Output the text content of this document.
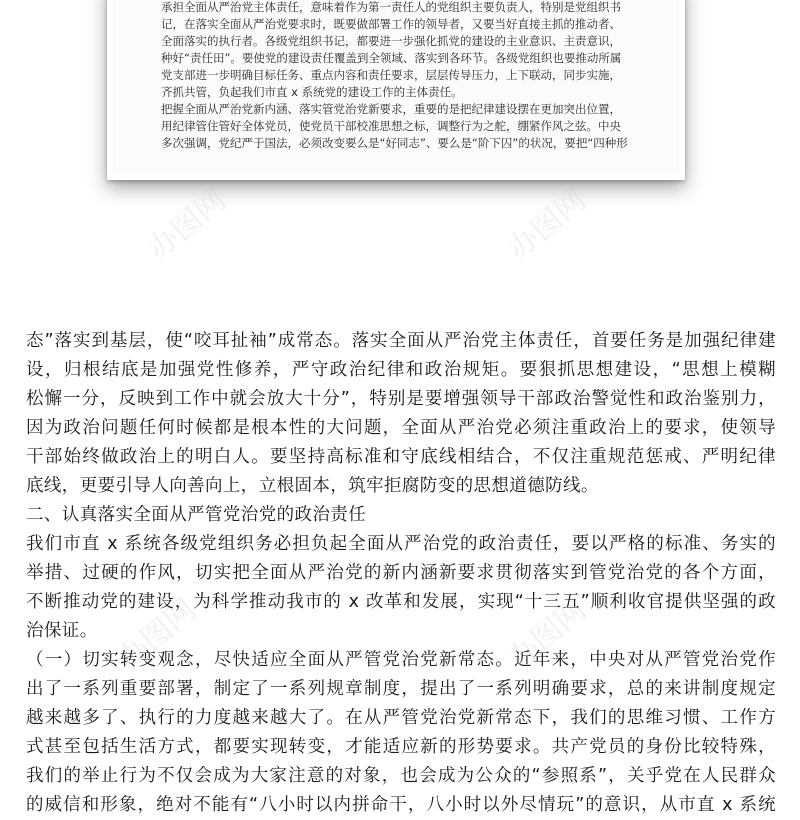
承担全面从严治党主体责任，意味着作为第一责任人的党组织主要负责人，特别是党组织书
记，在落实全面从严治党要求时，既要做部署工作的领导者，又要当好直接主抓的推动者、
全面落实的执行者。各级党组织书记，都要进一步强化抓党的建设的主业意识、主责意识，
种好“责任田”。要使党的建设责任覆盖到全领域、落实到各环节。各级党组织也要推动所属
党支部进一步明确目标任务、重点内容和责任要求，层层传导压力，上下联动，同步实施，
齐抓共管，负起我们市直 x 系统党的建设工作的主体责任。
把握全面从严治党新内涵、落实管党治党新要求，重要的是把纪律建设摆在更加突出位置，
用纪律管住管好全体党员，使党员干部校准思想之标，调整行为之舵，绷紧作风之弦。中央
多次强调，党纪严于国法，必须改变要么是“好同志”、要么是“阶下囚”的状况，要把“四种形
办图网	办图网
办图网	办图网
态”落实到基层，使“咬耳扯袖”成常态。落实全面从严治党主体责任，首要任务是加强纪律建
设，归根结底是加强党性修养，严守政治纪律和政治规矩。要狠抓思想建设，“思想上模糊
松懈一分，反映到工作中就会放大十分”，特别是要增强领导干部政治警觉性和政治鉴别力，
因为政治问题任何时候都是根本性的大问题，全面从严治党必须注重政治上的要求，使领导
干部始终做政治上的明白人。要坚持高标准和守底线相结合，不仅注重规范惩戒、严明纪律
底线，更要引导人向善向上，立根固本，筑牢拒腐防变的思想道德防线。
二、认真落实全面从严管党治党的政治责任
我们市直 x 系统各级党组织务必担负起全面从严治党的政治责任，要以严格的标准、务实的
举措、过硬的作风，切实把全面从严治党的新内涵新要求贯彻落实到管党治党的各个方面，
不断推动党的建设，为科学推动我市的 x 改革和发展，实现“十三五”顺利收官提供坚强的政
治保证。
（一）切实转变观念，尽快适应全面从严管党治党新常态。近年来，中央对从严管党治党作
出了一系列重要部署，制定了一系列规章制度，提出了一系列明确要求，总的来讲制度规定
越来越多了、执行的力度越来越大了。在从严管党治党新常态下，我们的思维习惯、工作方
式甚至包括生活方式，都要实现转变，才能适应新的形势要求。共产党员的身份比较特殊，
我们的举止行为不仅会成为大家注意的对象，也会成为公众的“参照系”，关乎党在人民群众
的威信和形象，绝对不能有“八小时以内拼命干，八小时以外尽情玩”的意识，从市直 x 系统
